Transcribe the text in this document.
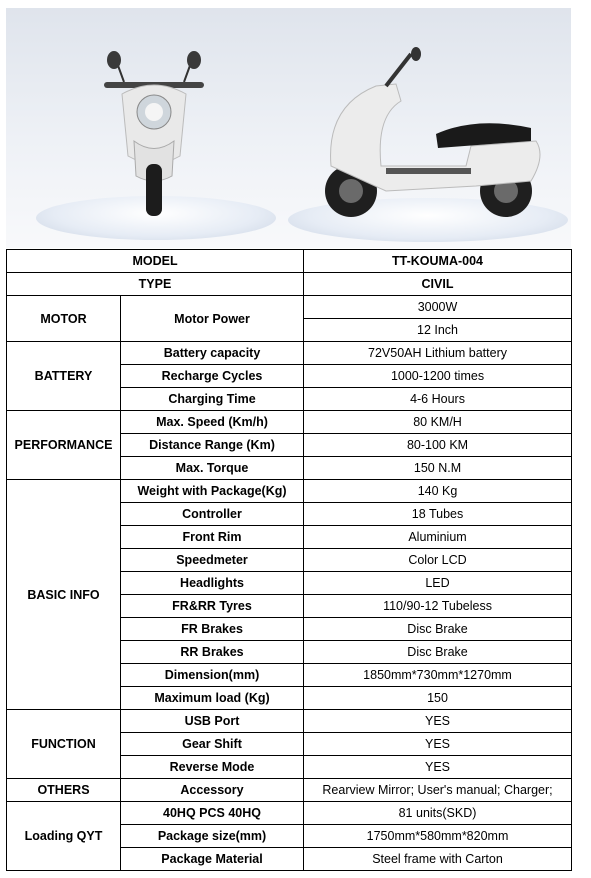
MODEL		TT-KOUMA-004
TYPE		CIVIL
MOTOR	Motor Power	3000W
		12 Inch
BATTERY	Battery capacity	72V50AH Lithium battery
	Recharge Cycles	1000-1200 times
	Charging Time	4-6 Hours
PERFORMANCE	Max. Speed (Km/h)	80 KM/H
	Distance Range (Km)	80-100 KM
	Max. Torque	150 N.M
BASIC INFO	Weight with Package(Kg)	140 Kg
	Controller	18 Tubes
	Front Rim	Aluminium
	Speedmeter	Color LCD
	Headlights	LED
	FR&RR Tyres	110/90-12 Tubeless
	FR Brakes	Disc Brake
	RR Brakes	Disc Brake
	Dimension(mm)	1850mm*730mm*1270mm
	Maximum load (Kg)	150
FUNCTION	USB Port	YES
	Gear Shift	YES
	Reverse Mode	YES
OTHERS	Accessory	Rearview Mirror; User's manual; Charger;
Loading QYT	40HQ PCS 40HQ	81 units(SKD)
	Package size(mm)	1750mm*580mm*820mm
	Package Material	Steel frame with Carton
